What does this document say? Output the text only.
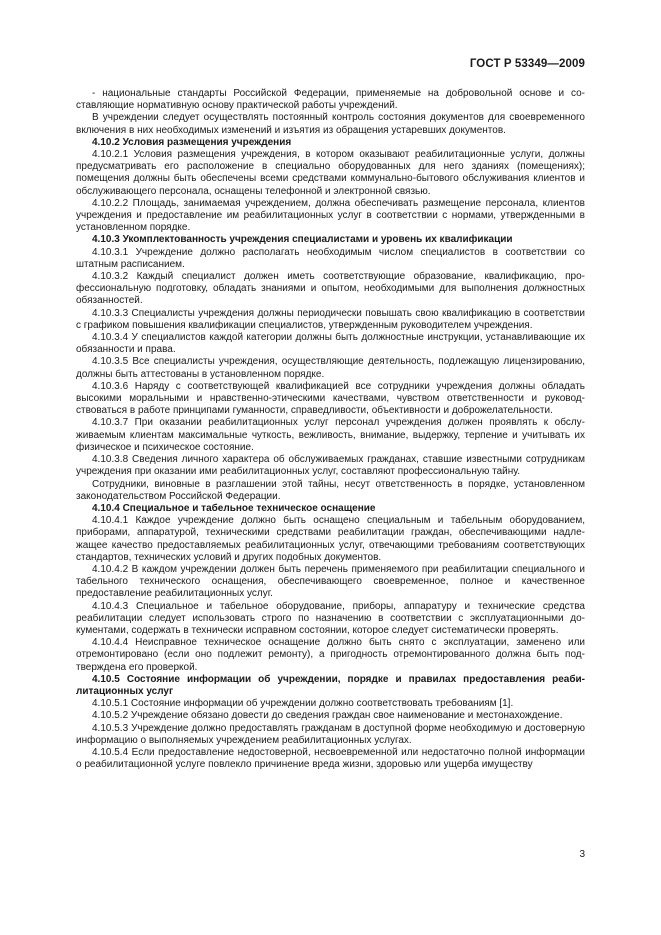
ГОСТ Р 53349—2009

- национальные стандарты Российской Федерации, применяемые на добровольной основе и составляющие нормативную основу практической работы учреждений.

В учреждении следует осуществлять постоянный контроль состояния документов для своевременного включения в них необходимых изменений и изъятия из обращения устаревших документов.

4.10.2 Условия размещения учреждения

4.10.2.1 Условия размещения учреждения, в котором оказывают реабилитационные услуги, должны предусматривать его расположение в специально оборудованных для него зданиях (помещениях); помещения должны быть обеспечены всеми средствами коммунально-бытового обслуживания клиентов и обслуживающего персонала, оснащены телефонной и электронной связью.

4.10.2.2 Площадь, занимаемая учреждением, должна обеспечивать размещение персонала, клиентов учреждения и предоставление им реабилитационных услуг в соответствии с нормами, утвержденными в установленном порядке.

4.10.3 Укомплектованность учреждения специалистами и уровень их квалификации

4.10.3.1 Учреждение должно располагать необходимым числом специалистов в соответствии со штатным расписанием.

4.10.3.2 Каждый специалист должен иметь соответствующие образование, квалификацию, профессиональную подготовку, обладать знаниями и опытом, необходимыми для выполнения должностных обязанностей.

4.10.3.3 Специалисты учреждения должны периодически повышать свою квалификацию в соответствии с графиком повышения квалификации специалистов, утвержденным руководителем учреждения.

4.10.3.4 У специалистов каждой категории должны быть должностные инструкции, устанавливающие их обязанности и права.

4.10.3.5 Все специалисты учреждения, осуществляющие деятельность, подлежащую лицензированию, должны быть аттестованы в установленном порядке.

4.10.3.6 Наряду с соответствующей квалификацией все сотрудники учреждения должны обладать высокими моральными и нравственно-этическими качествами, чувством ответственности и руководствоваться в работе принципами гуманности, справедливости, объективности и доброжелательности.

4.10.3.7 При оказании реабилитационных услуг персонал учреждения должен проявлять к обслуживаемым клиентам максимальные чуткость, вежливость, внимание, выдержку, терпение и учитывать их физическое и психическое состояние.

4.10.3.8 Сведения личного характера об обслуживаемых гражданах, ставшие известными сотрудникам учреждения при оказании ими реабилитационных услуг, составляют профессиональную тайну.

Сотрудники, виновные в разглашении этой тайны, несут ответственность в порядке, установленном законодательством Российской Федерации.

4.10.4 Специальное и табельное техническое оснащение

4.10.4.1 Каждое учреждение должно быть оснащено специальным и табельным оборудованием, приборами, аппаратурой, техническими средствами реабилитации граждан, обеспечивающими надлежащее качество предоставляемых реабилитационных услуг, отвечающими требованиям соответствующих стандартов, технических условий и других подобных документов.

4.10.4.2 В каждом учреждении должен быть перечень применяемого при реабилитации специального и табельного технического оснащения, обеспечивающего своевременное, полное и качественное предоставление реабилитационных услуг.

4.10.4.3 Специальное и табельное оборудование, приборы, аппаратуру и технические средства реабилитации следует использовать строго по назначению в соответствии с эксплуатационными документами, содержать в технически исправном состоянии, которое следует систематически проверять.

4.10.4.4 Неисправное техническое оснащение должно быть снято с эксплуатации, заменено или отремонтировано (если оно подлежит ремонту), а пригодность отремонтированного должна быть подтверждена его проверкой.

4.10.5 Состояние информации об учреждении, порядке и правилах предоставления реабилитационных услуг

4.10.5.1 Состояние информации об учреждении должно соответствовать требованиям [1].

4.10.5.2 Учреждение обязано довести до сведения граждан свое наименование и местонахождение.

4.10.5.3 Учреждение должно предоставлять гражданам в доступной форме необходимую и достоверную информацию о выполняемых учреждением реабилитационных услугах.

4.10.5.4 Если предоставление недостоверной, несвоевременной или недостаточно полной информации о реабилитационной услуге повлекло причинение вреда жизни, здоровью или ущерба имуществу

3
